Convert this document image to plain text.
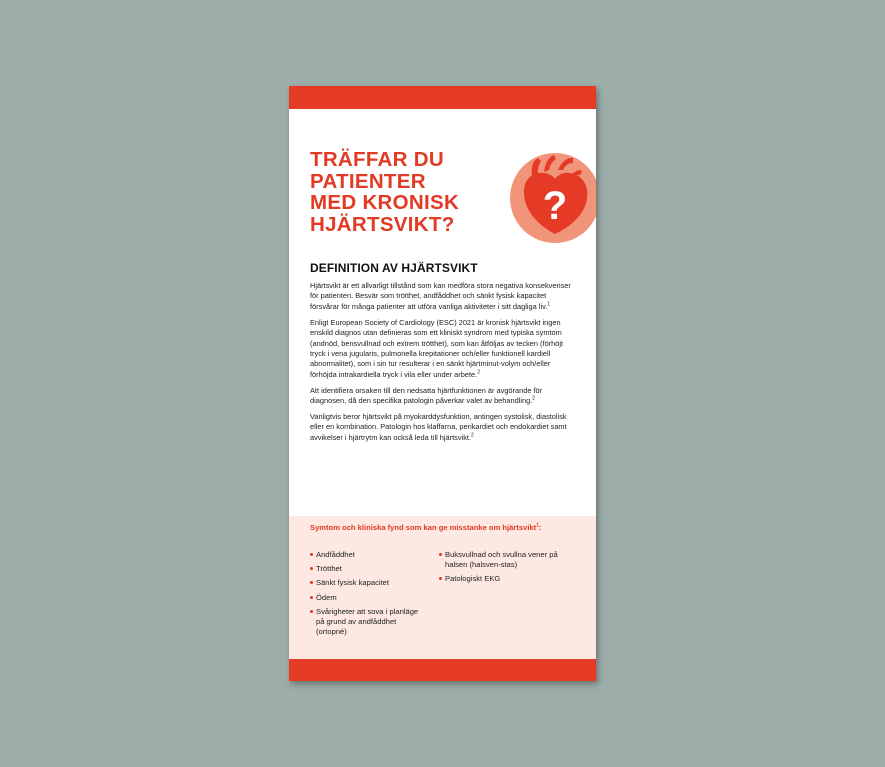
TRÄFFAR DU
PATIENTER
MED KRONISK
HJÄRTSVIKT?	?
DEFINITION AV HJÄRTSVIKT

Hjärtsvikt är ett allvarligt tillstånd som kan medföra stora negativa konsekvenser för patienten. Besvär som trötthet, andfåddhet och sänkt fysisk kapacitet försvårar för många patienter att utföra vanliga aktiviteter i sitt dagliga liv.$^1$

Enligt European Society of Cardiology (ESC) 2021 är kronisk hjärtsvikt ingen enskild diagnos utan definieras som ett kliniskt syndrom med typiska symtom (andnöd, bensvullnad och extrem trötthet), som kan åtföljas av tecken (förhöjt tryck i vena jugularis, pulmonella krepitationer och/eller funktionell kardiell abnormalitet), som i sin tur resulterar i en sänkt hjärtminut-volym och/eller förhöjda intrakardiella tryck i vila eller under arbete.$^2$

Att identifiera orsaken till den nedsatta hjärtfunktionen är avgörande för diagnosen, då den specifika patologin påverkar valet av behandling.$^2$

Vanligtvis beror hjärtsvikt på myokarddysfunktion, antingen systolisk, diastolisk eller en kombination. Patologin hos klaffarna, perikardiet och endokardiet samt avvikelser i hjärtrytm kan också leda till hjärtsvikt.$^2$

Symtom och kliniska fynd som kan ge misstanke om hjärtsvikt$^1$:

Andfåddhet
Trötthet
Sänkt fysisk kapacitet
Ödem
Svårigheter att sova i planläge på grund av andfåddhet (ortopné)
Buksvullnad och svullna vener på halsen (halsven-stas)
Patologiskt EKG
